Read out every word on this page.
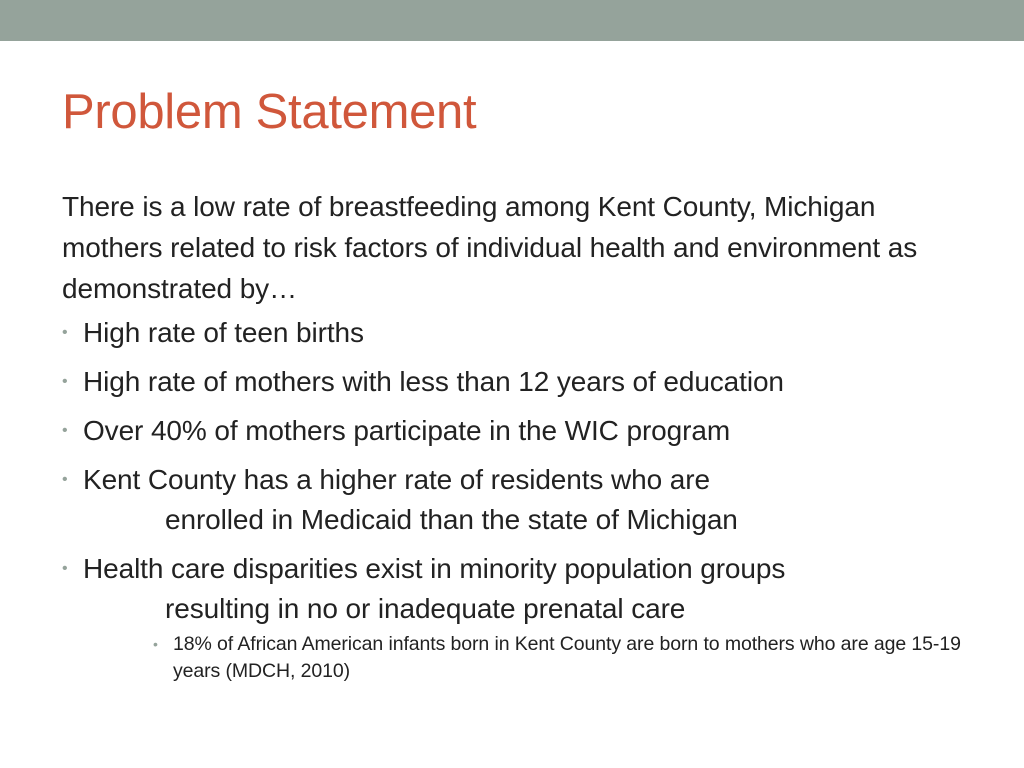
Problem Statement

There is a low rate of breastfeeding among Kent County, Michigan mothers related to risk factors of individual health and environment as demonstrated by…

• High rate of teen births
• High rate of mothers with less than 12 years of education
• Over 40% of mothers participate in the WIC program
• Kent County has a higher rate of residents who are
enrolled in Medicaid than the state of Michigan
• Health care disparities exist in minority population groups
resulting in no or inadequate prenatal care
• 18% of African American infants born in Kent County are born to mothers who are age 15-19 years (MDCH, 2010)
